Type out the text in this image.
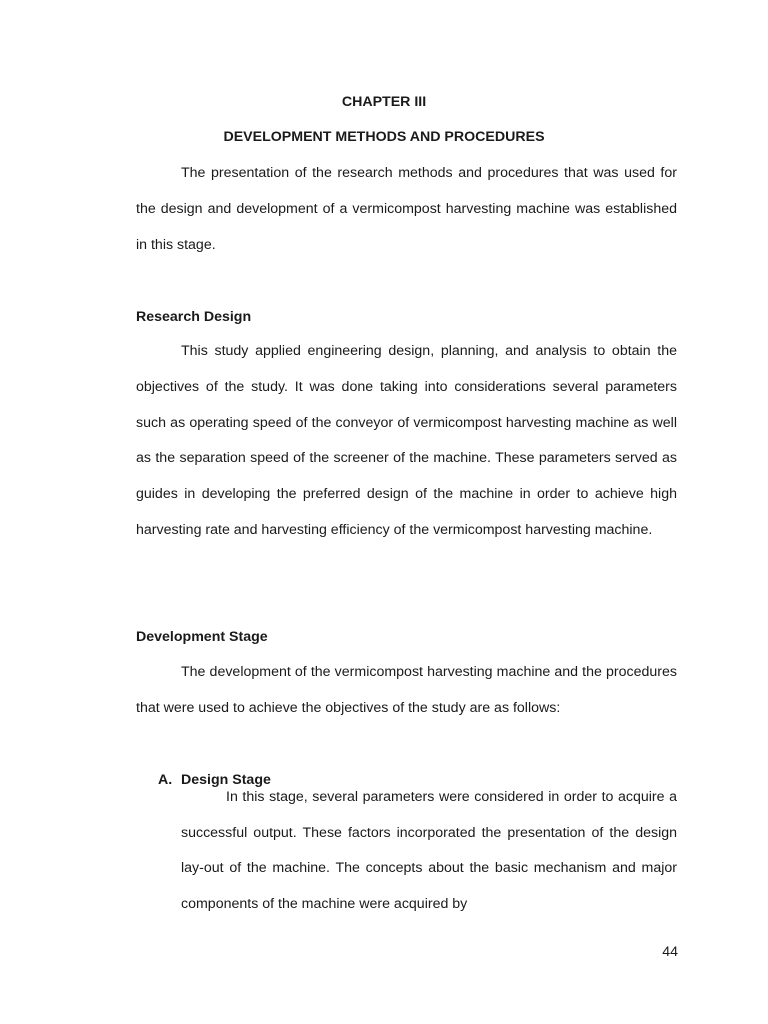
CHAPTER III

DEVELOPMENT METHODS AND PROCEDURES

The presentation of the research methods and procedures that was used for the design and development of a vermicompost harvesting machine was established in this stage.

Research Design

This study applied engineering design, planning, and analysis to obtain the objectives of the study. It was done taking into considerations several parameters such as operating speed of the conveyor of vermicompost harvesting machine as well as the separation speed of the screener of the machine. These parameters served as guides in developing the preferred design of the machine in order to achieve high harvesting rate and harvesting efficiency of the vermicompost harvesting machine.

Development Stage

The development of the vermicompost harvesting machine and the procedures that were used to achieve the objectives of the study are as follows:

A. Design Stage

In this stage, several parameters were considered in order to acquire a successful output. These factors incorporated the presentation of the design lay-out of the machine. The concepts about the basic mechanism and major components of the machine were acquired by

44
